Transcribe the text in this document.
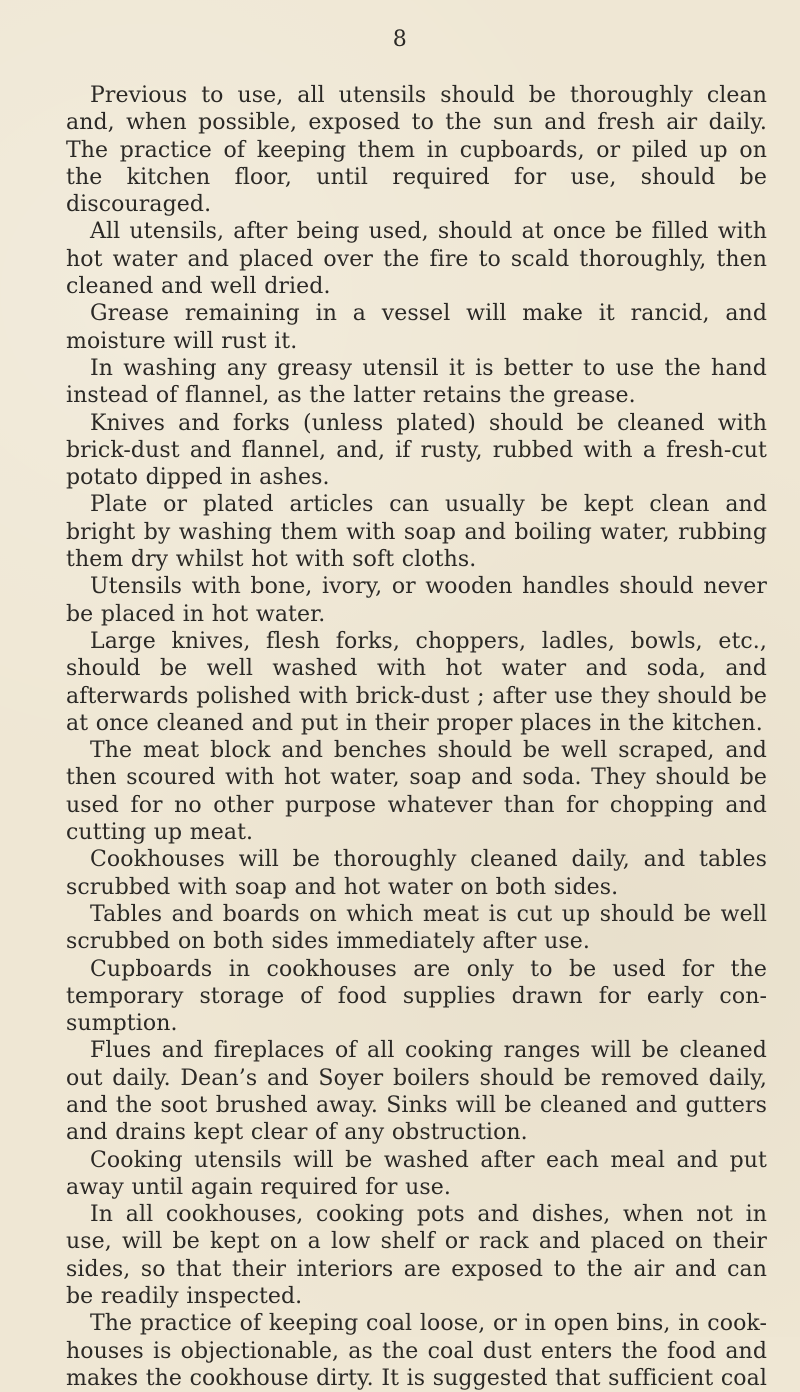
8

Previous to use, all utensils should be thoroughly clean and, when possible, exposed to the sun and fresh air daily. The practice of keeping them in cupboards, or piled up on the kitchen floor, until required for use, should be discouraged.

All utensils, after being used, should at once be filled with hot water and placed over the fire to scald thoroughly, then cleaned and well dried.

Grease remaining in a vessel will make it rancid, and moisture will rust it.

In washing any greasy utensil it is better to use the hand instead of flannel, as the latter retains the grease.

Knives and forks (unless plated) should be cleaned with brick-dust and flannel, and, if rusty, rubbed with a fresh-cut potato dipped in ashes.

Plate or plated articles can usually be kept clean and bright by washing them with soap and boiling water, rubbing them dry whilst hot with soft cloths.

Utensils with bone, ivory, or wooden handles should never be placed in hot water.

Large knives, flesh forks, choppers, ladles, bowls, etc., should be well washed with hot water and soda, and afterwards polished with brick-dust ; after use they should be at once cleaned and put in their proper places in the kitchen.

The meat block and benches should be well scraped, and then scoured with hot water, soap and soda. They should be used for no other purpose whatever than for chopping and cutting up meat.

Cookhouses will be thoroughly cleaned daily, and tables scrubbed with soap and hot water on both sides.

Tables and boards on which meat is cut up should be well scrubbed on both sides immediately after use.

Cupboards in cookhouses are only to be used for the temporary storage of food supplies drawn for early con-sumption.

Flues and fireplaces of all cooking ranges will be cleaned out daily. Dean’s and Soyer boilers should be removed daily, and the soot brushed away. Sinks will be cleaned and gutters and drains kept clear of any obstruction.

Cooking utensils will be washed after each meal and put away until again required for use.

In all cookhouses, cooking pots and dishes, when not in use, will be kept on a low shelf or rack and placed on their sides, so that their interiors are exposed to the air and can be readily inspected.

The practice of keeping coal loose, or in open bins, in cook-houses is objectionable, as the coal dust enters the food and makes the cookhouse dirty. It is suggested that sufficient coal
